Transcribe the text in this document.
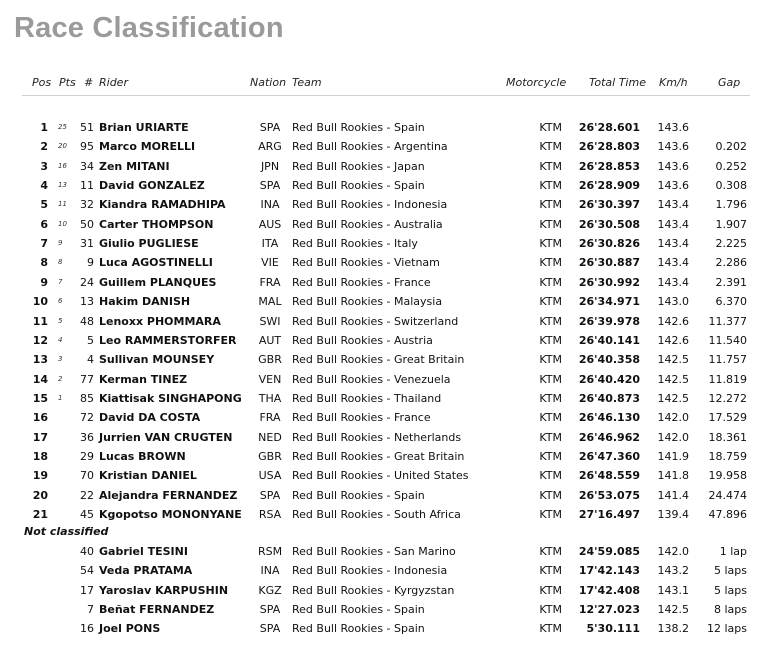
Race Classification
Pos Pts # Rider	Nation Team	Motorcycle Total Time Km/h	Gap
1 25	51 Brian URIARTE	SPA	Red Bull Rookies - Spain	KTM	26'28.601	143.6
2 20	95 Marco MORELLI	ARG Red Bull Rookies - Argentina	KTM	26'28.803	143.6	0.202
3 16	34 Zen MITANI	JPN	Red Bull Rookies - Japan	KTM	26'28.853	143.6	0.252
4 13	11 David GONZALEZ	SPA	Red Bull Rookies - Spain	KTM	26'28.909	143.6	0.308
5 11	32 Kiandra RAMADHIPA	INA	Red Bull Rookies - Indonesia	KTM	26'30.397	143.4	1.796
6 10	50 Carter THOMPSON	AUS Red Bull Rookies - Australia	KTM	26'30.508	143.4	1.907
7 9	31 Giulio PUGLIESE	ITA	Red Bull Rookies - Italy	KTM	26'30.826	143.4	2.225
8 8	9 Luca AGOSTINELLI	VIE	Red Bull Rookies - Vietnam	KTM	26'30.887	143.4	2.286
9 7	24 Guillem PLANQUES	FRA	Red Bull Rookies - France	KTM	26'30.992	143.4	2.391
10 6	13 Hakim DANISH	MAL Red Bull Rookies - Malaysia	KTM	26'34.971	143.0	6.370
11 5	48 Lenoxx PHOMMARA	SWI	Red Bull Rookies - Switzerland	KTM	26'39.978	142.6	11.377
12 4	5 Leo RAMMERSTORFER	AUT Red Bull Rookies - Austria	KTM	26'40.141	142.6	11.540
13 3	4 Sullivan MOUNSEY	GBR Red Bull Rookies - Great Britain	KTM	26'40.358	142.5	11.757
14 2	77 Kerman TINEZ	VEN Red Bull Rookies - Venezuela	KTM	26'40.420	142.5	11.819
15 1	85 Kiattisak SINGHAPONG	THA Red Bull Rookies - Thailand	KTM	26'40.873	142.5	12.272
16	72 David DA COSTA	FRA	Red Bull Rookies - France	KTM	26'46.130	142.0	17.529
17	36 Jurrien VAN CRUGTEN NED Red Bull Rookies - Netherlands	KTM	26'46.962	142.0	18.361
18	29 Lucas BROWN	GBR Red Bull Rookies - Great Britain	KTM	26'47.360	141.9	18.759
19	70 Kristian DANIEL	USA Red Bull Rookies - United States	KTM	26'48.559	141.8	19.958
20	22 Alejandra FERNANDEZ	SPA	Red Bull Rookies - Spain	KTM	26'53.075	141.4	24.474
21	45 Kgopotso MONONYANE	RSA Red Bull Rookies - South Africa	KTM	27'16.497	139.4	47.896
Not classified
40 Gabriel TESINI	RSM Red Bull Rookies - San Marino	KTM	24'59.085	142.0	1 lap
54 Veda PRATAMA	INA	Red Bull Rookies - Indonesia	KTM	17'42.143	143.2	5 laps
17 Yaroslav KARPUSHIN	KGZ Red Bull Rookies - Kyrgyzstan	KTM	17'42.408	143.1	5 laps
7 Beñat FERNANDEZ	SPA	Red Bull Rookies - Spain	KTM	12'27.023	142.5	8 laps
16 Joel PONS	SPA	Red Bull Rookies - Spain	KTM	5'30.111	138.2	12 laps
